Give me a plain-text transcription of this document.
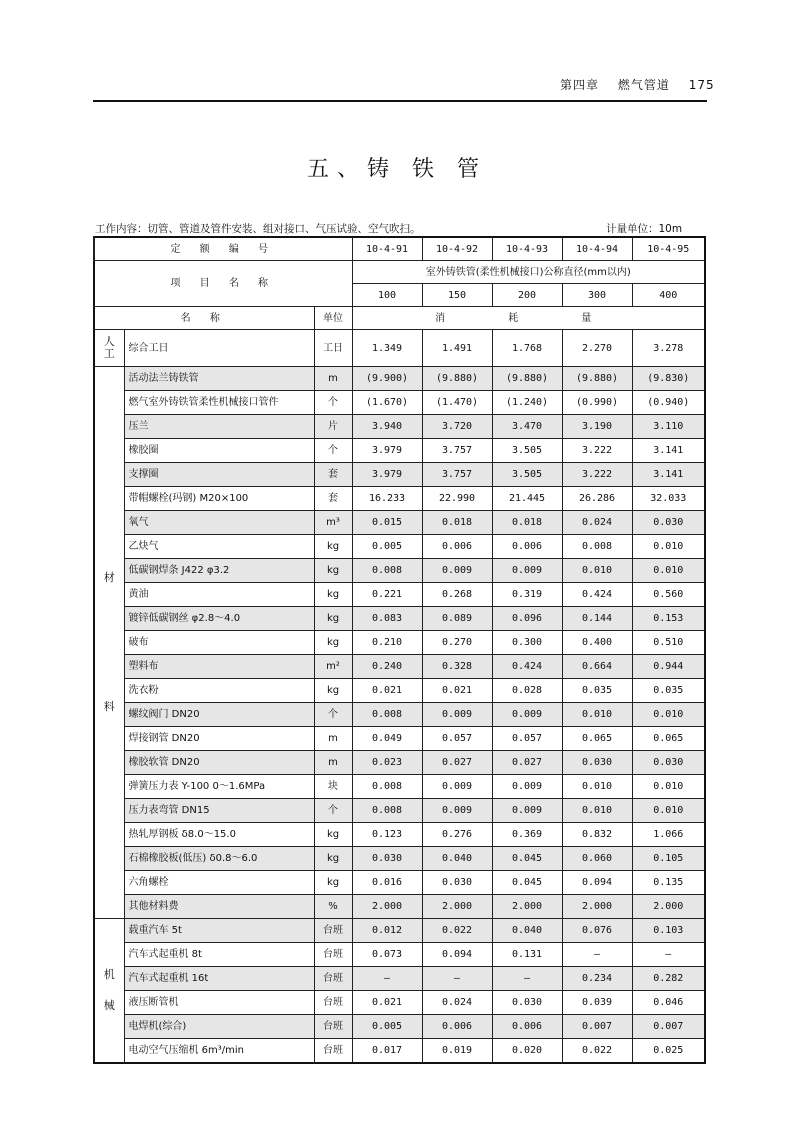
第四章 燃气管道 175
五、铸 铁 管
工作内容：切管、管道及管件安装、组对接口、气压试验、空气吹扫。	计量单位：10m
定 额 编 号			10-4-91	10-4-92	10-4-93	10-4-94	10-4-95
项 目 名 称			室外铸铁管(柔性机械接口)公称直径(mm以内)				
			100	150	200	300	400
名 称		单位	消 耗 量				

人
工	综合工日	工日	1.349	1.491	1.768	2.270	3.278

材
料	活动法兰铸铁管	m	(9.900)	(9.880)	(9.880)	(9.880)	(9.830)
	燃气室外铸铁管柔性机械接口管件	个	(1.670)	(1.470)	(1.240)	(0.990)	(0.940)
	压兰	片	3.940	3.720	3.470	3.190	3.110
	橡胶圈	个	3.979	3.757	3.505	3.222	3.141
	支撑圈	套	3.979	3.757	3.505	3.222	3.141
	带帽螺栓(玛钢) M20×100	套	16.233	22.990	21.445	26.286	32.033
	氧气	m³	0.015	0.018	0.018	0.024	0.030
	乙炔气	kg	0.005	0.006	0.006	0.008	0.010
	低碳钢焊条 J422 φ3.2	kg	0.008	0.009	0.009	0.010	0.010
	黄油	kg	0.221	0.268	0.319	0.424	0.560
	镀锌低碳钢丝 φ2.8～4.0	kg	0.083	0.089	0.096	0.144	0.153
	破布	kg	0.210	0.270	0.300	0.400	0.510
	塑料布	m²	0.240	0.328	0.424	0.664	0.944
	洗衣粉	kg	0.021	0.021	0.028	0.035	0.035
	螺纹阀门 DN20	个	0.008	0.009	0.009	0.010	0.010
	焊接钢管 DN20	m	0.049	0.057	0.057	0.065	0.065
	橡胶软管 DN20	m	0.023	0.027	0.027	0.030	0.030
	弹簧压力表 Y-100 0～1.6MPa	块	0.008	0.009	0.009	0.010	0.010
	压力表弯管 DN15	个	0.008	0.009	0.009	0.010	0.010
	热轧厚钢板 δ8.0～15.0	kg	0.123	0.276	0.369	0.832	1.066
	石棉橡胶板(低压) δ0.8～6.0	kg	0.030	0.040	0.045	0.060	0.105
	六角螺栓	kg	0.016	0.030	0.045	0.094	0.135
	其他材料费	%	2.000	2.000	2.000	2.000	2.000

机
械	载重汽车 5t	台班	0.012	0.022	0.040	0.076	0.103
	汽车式起重机 8t	台班	0.073	0.094	0.131	—	—
	汽车式起重机 16t	台班	—	—	—	0.234	0.282
	液压断管机	台班	0.021	0.024	0.030	0.039	0.046
	电焊机(综合)	台班	0.005	0.006	0.006	0.007	0.007
	电动空气压缩机 6m³/min	台班	0.017	0.019	0.020	0.022	0.025
